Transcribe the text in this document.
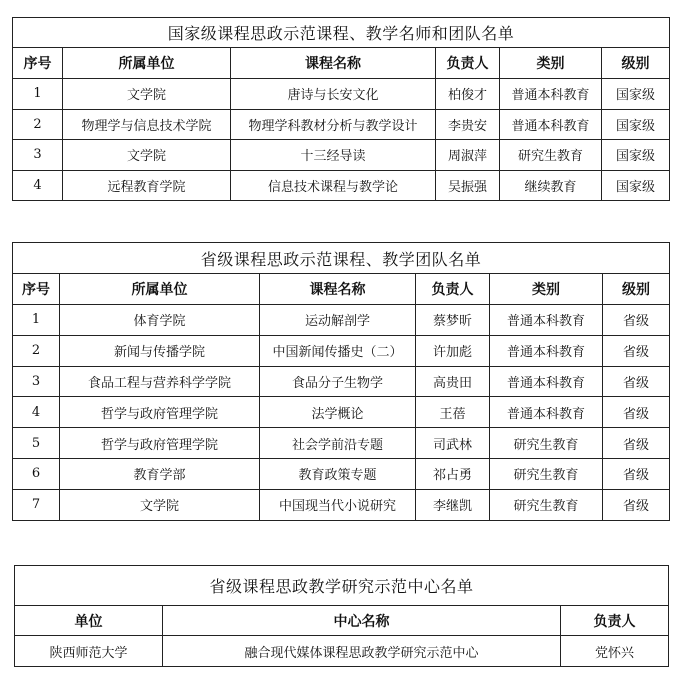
国家级课程思政示范课程、教学名师和团队名单					
序号	所属单位	课程名称	负责人	类别	级别
1	文学院	唐诗与长安文化	柏俊才	普通本科教育	国家级
2	物理学与信息技术学院	物理学科教材分析与教学设计	李贵安	普通本科教育	国家级
3	文学院	十三经导读	周淑萍	研究生教育	国家级
4	远程教育学院	信息技术课程与教学论	吴振强	继续教育	国家级
省级课程思政示范课程、教学团队名单					
序号	所属单位	课程名称	负责人	类别	级别
1	体育学院	运动解剖学	蔡梦昕	普通本科教育	省级
2	新闻与传播学院	中国新闻传播史（二）	许加彪	普通本科教育	省级
3	食品工程与营养科学学院	食品分子生物学	高贵田	普通本科教育	省级
4	哲学与政府管理学院	法学概论	王蓓	普通本科教育	省级
5	哲学与政府管理学院	社会学前沿专题	司武林	研究生教育	省级
6	教育学部	教育政策专题	祁占勇	研究生教育	省级
7	文学院	中国现当代小说研究	李继凯	研究生教育	省级
省级课程思政教学研究示范中心名单		
单位	中心名称	负责人
陕西师范大学	融合现代媒体课程思政教学研究示范中心	党怀兴
